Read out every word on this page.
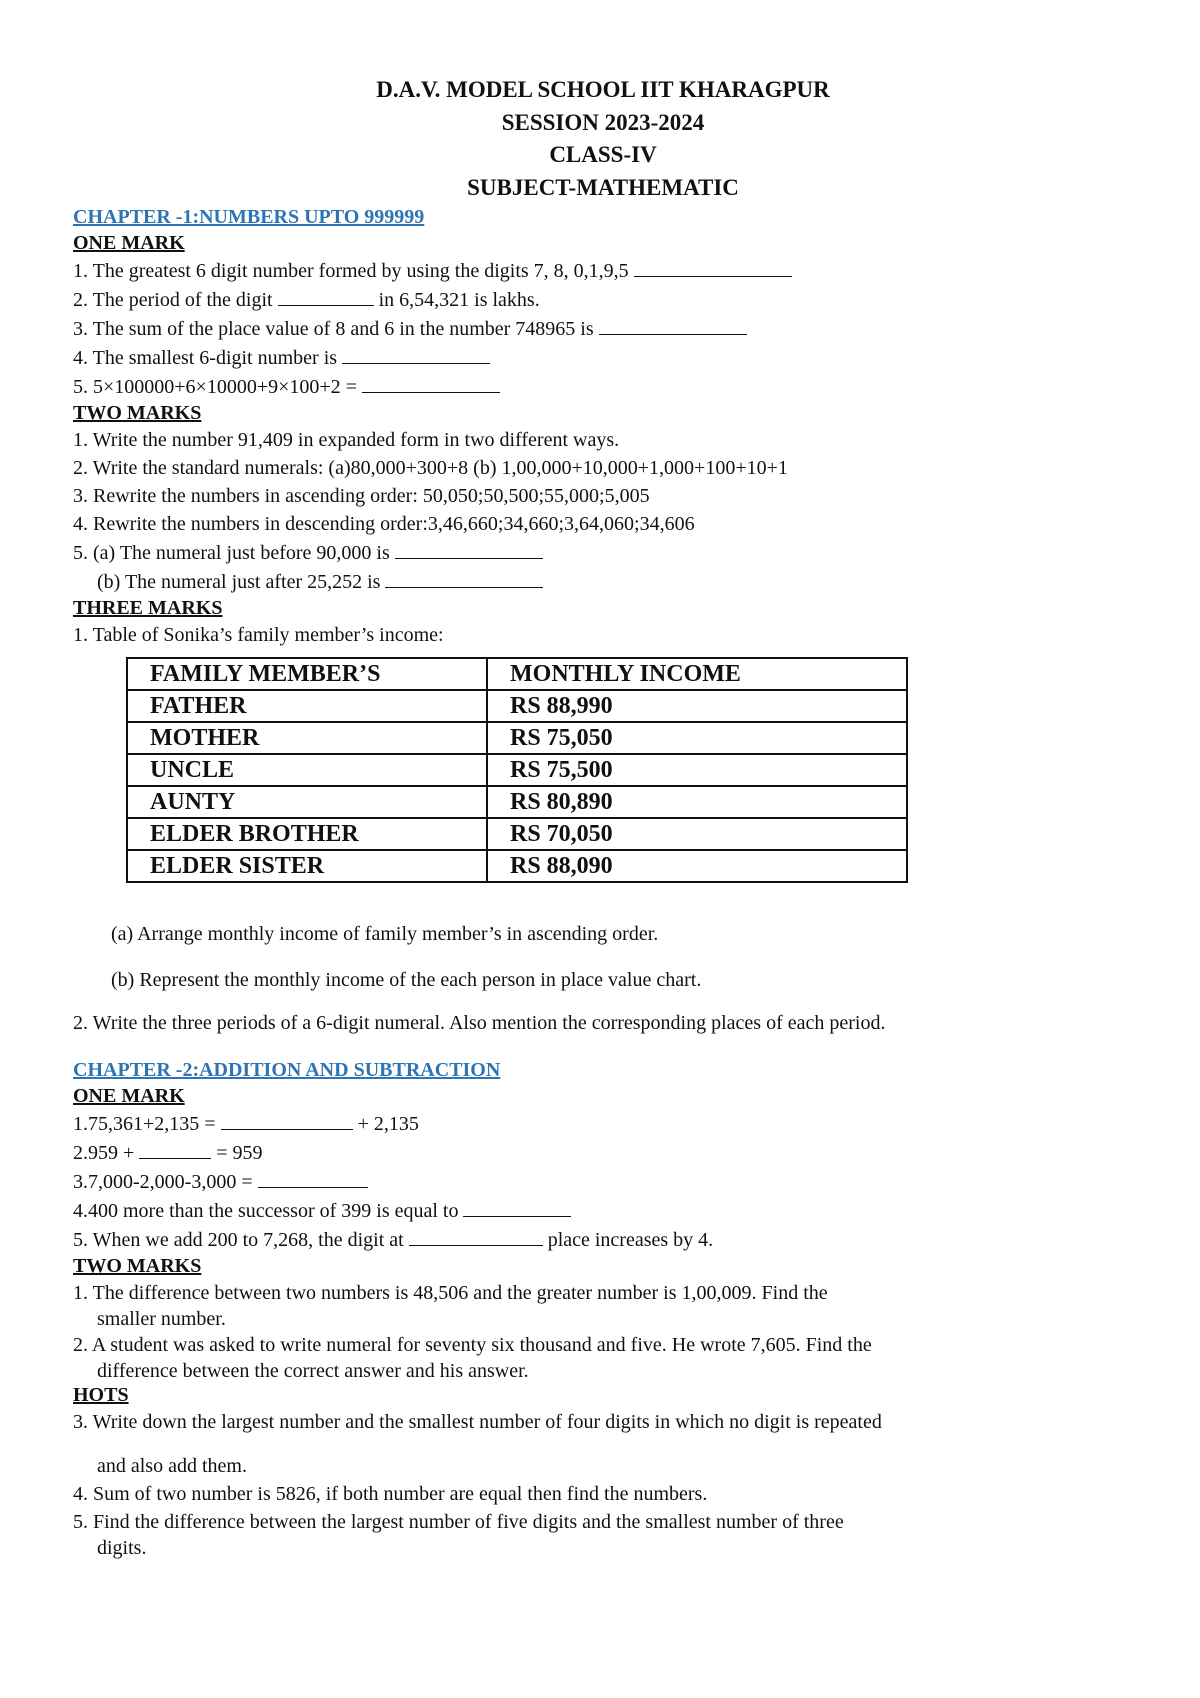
D.A.V. MODEL SCHOOL IIT KHARAGPUR
SESSION 2023-2024
CLASS-IV
SUBJECT-MATHEMATIC
CHAPTER -1:NUMBERS UPTO 999999
ONE MARK
1. The greatest 6 digit number formed by using the digits 7, 8, 0,1,9,5
2. The period of the digit	in 6,54,321 is lakhs.
3. The sum of the place value of 8 and 6 in the number 748965 is
4. The smallest 6-digit number is
5. 5×100000+6×10000+9×100+2 =
TWO MARKS
1. Write the number 91,409 in expanded form in two different ways.
2. Write the standard numerals: (a)80,000+300+8 (b) 1,00,000+10,000+1,000+100+10+1
3. Rewrite the numbers in ascending order: 50,050;50,500;55,000;5,005
4. Rewrite the numbers in descending order:3,46,660;34,660;3,64,060;34,606
5. (a) The numeral just before 90,000 is
(b) The numeral just after 25,252 is
THREE MARKS
1. Table of Sonika’s family member’s income:
FAMILY MEMBER’S	MONTHLY INCOME
FATHER	RS 88,990
MOTHER	RS 75,050
UNCLE	RS 75,500
AUNTY	RS 80,890
ELDER BROTHER	RS 70,050
ELDER SISTER	RS 88,090
(a) Arrange monthly income of family member’s in ascending order.
(b) Represent the monthly income of the each person in place value chart.
2. Write the three periods of a 6-digit numeral. Also mention the corresponding places of each period.
CHAPTER -2:ADDITION AND SUBTRACTION
ONE MARK
1.75,361+2,135 =	+ 2,135
2.959 +	= 959
3.7,000-2,000-3,000 =
4.400 more than the successor of 399 is equal to
5. When we add 200 to 7,268, the digit at	place increases by 4.
TWO MARKS
1. The difference between two numbers is 48,506 and the greater number is 1,00,009. Find the
smaller number.
2. A student was asked to write numeral for seventy six thousand and five. He wrote 7,605. Find the
difference between the correct answer and his answer.
HOTS
3. Write down the largest number and the smallest number of four digits in which no digit is repeated
and also add them.
4. Sum of two number is 5826, if both number are equal then find the numbers.
5. Find the difference between the largest number of five digits and the smallest number of three
digits.
